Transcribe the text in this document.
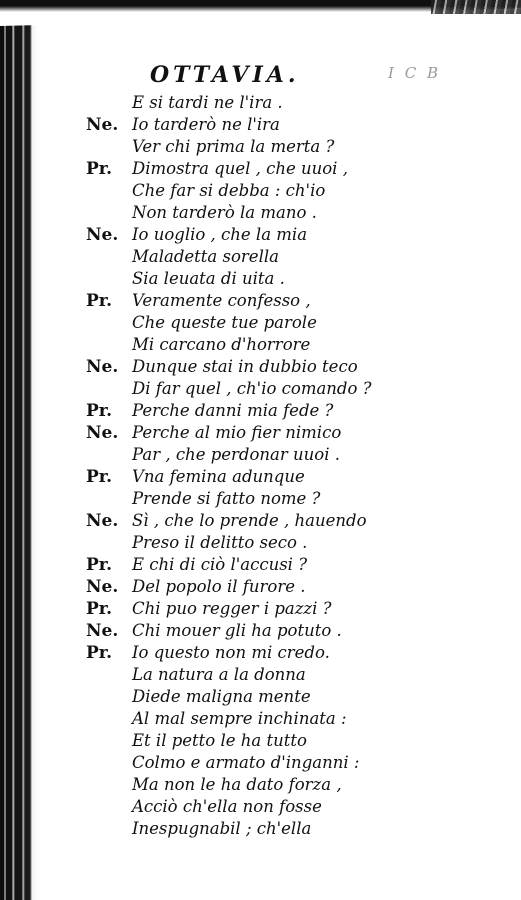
OTTAVIA.	I C B
E si tardi ne l'ira .
Ne. Io tarderò ne l'ira
Ver chi prima la merta ?
Pr. Dimostra quel , che uuoi ,
Che far si debba : ch'io
Non tarderò la mano .
Ne. Io uoglio , che la mia
Maladetta sorella
Sia leuata di uita .
Pr. Veramente confesso ,
Che queste tue parole
Mi carcano d'horrore
Ne. Dunque stai in dubbio teco
Di far quel , ch'io comando ?
Pr. Perche danni mia fede ?
Ne. Perche al mio fier nimico
Par , che perdonar uuoi .
Pr. Vna femina adunque
Prende si fatto nome ?
Ne. Sì , che lo prende , hauendo
Preso il delitto seco .
Pr. E chi di ciò l'accusi ?
Ne. Del popolo il furore .
Pr. Chi puo regger i pazzi ?
Ne. Chi mouer gli ha potuto .
Pr. Io questo non mi credo.
La natura a la donna
Diede maligna mente
Al mal sempre inchinata :
Et il petto le ha tutto
Colmo e armato d'inganni :
Ma non le ha dato forza ,
Acciò ch'ella non fosse
Inespugnabil ; ch'ella
